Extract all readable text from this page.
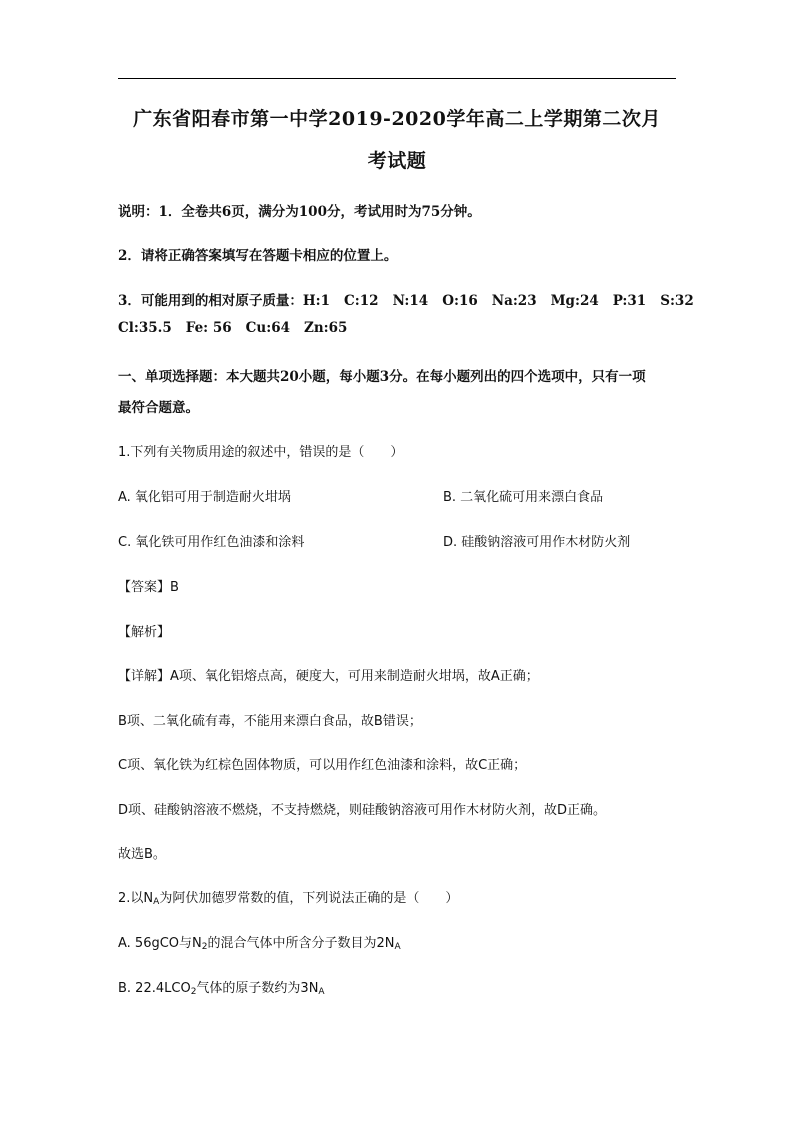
广东省阳春市第一中学2019-2020学年高二上学期第二次月
考试题
说明：1．全卷共6页，满分为100分，考试用时为75分钟。
2．请将正确答案填写在答题卡相应的位置上。
3．可能用到的相对原子质量：H:1 C:12 N:14 O:16 Na:23 Mg:24 P:31 S:32
Cl:35.5 Fe: 56 Cu:64 Zn:65
一、单项选择题：本大题共20小题，每小题3分。在每小题列出的四个选项中，只有一项
最符合题意。
1.下列有关物质用途的叙述中，错误的是（　　）
A. 氧化铝可用于制造耐火坩埚	B. 二氧化硫可用来漂白食品
C. 氧化铁可用作红色油漆和涂料	D. 硅酸钠溶液可用作木材防火剂
【答案】B
【解析】
【详解】A项、氧化铝熔点高，硬度大，可用来制造耐火坩埚，故A正确；
B项、二氧化硫有毒，不能用来漂白食品，故B错误；
C项、氧化铁为红棕色固体物质，可以用作红色油漆和涂料，故C正确；
D项、硅酸钠溶液不燃烧，不支持燃烧，则硅酸钠溶液可用作木材防火剂，故D正确。
故选B。
2.以$N_A$为阿伏加德罗常数的值，下列说法正确的是（　　）
A. 56gCO与$N_2$的混合气体中所含分子数目为$2N_A$
B. $22.4LCO_2$气体的原子数约为$3N_A$
